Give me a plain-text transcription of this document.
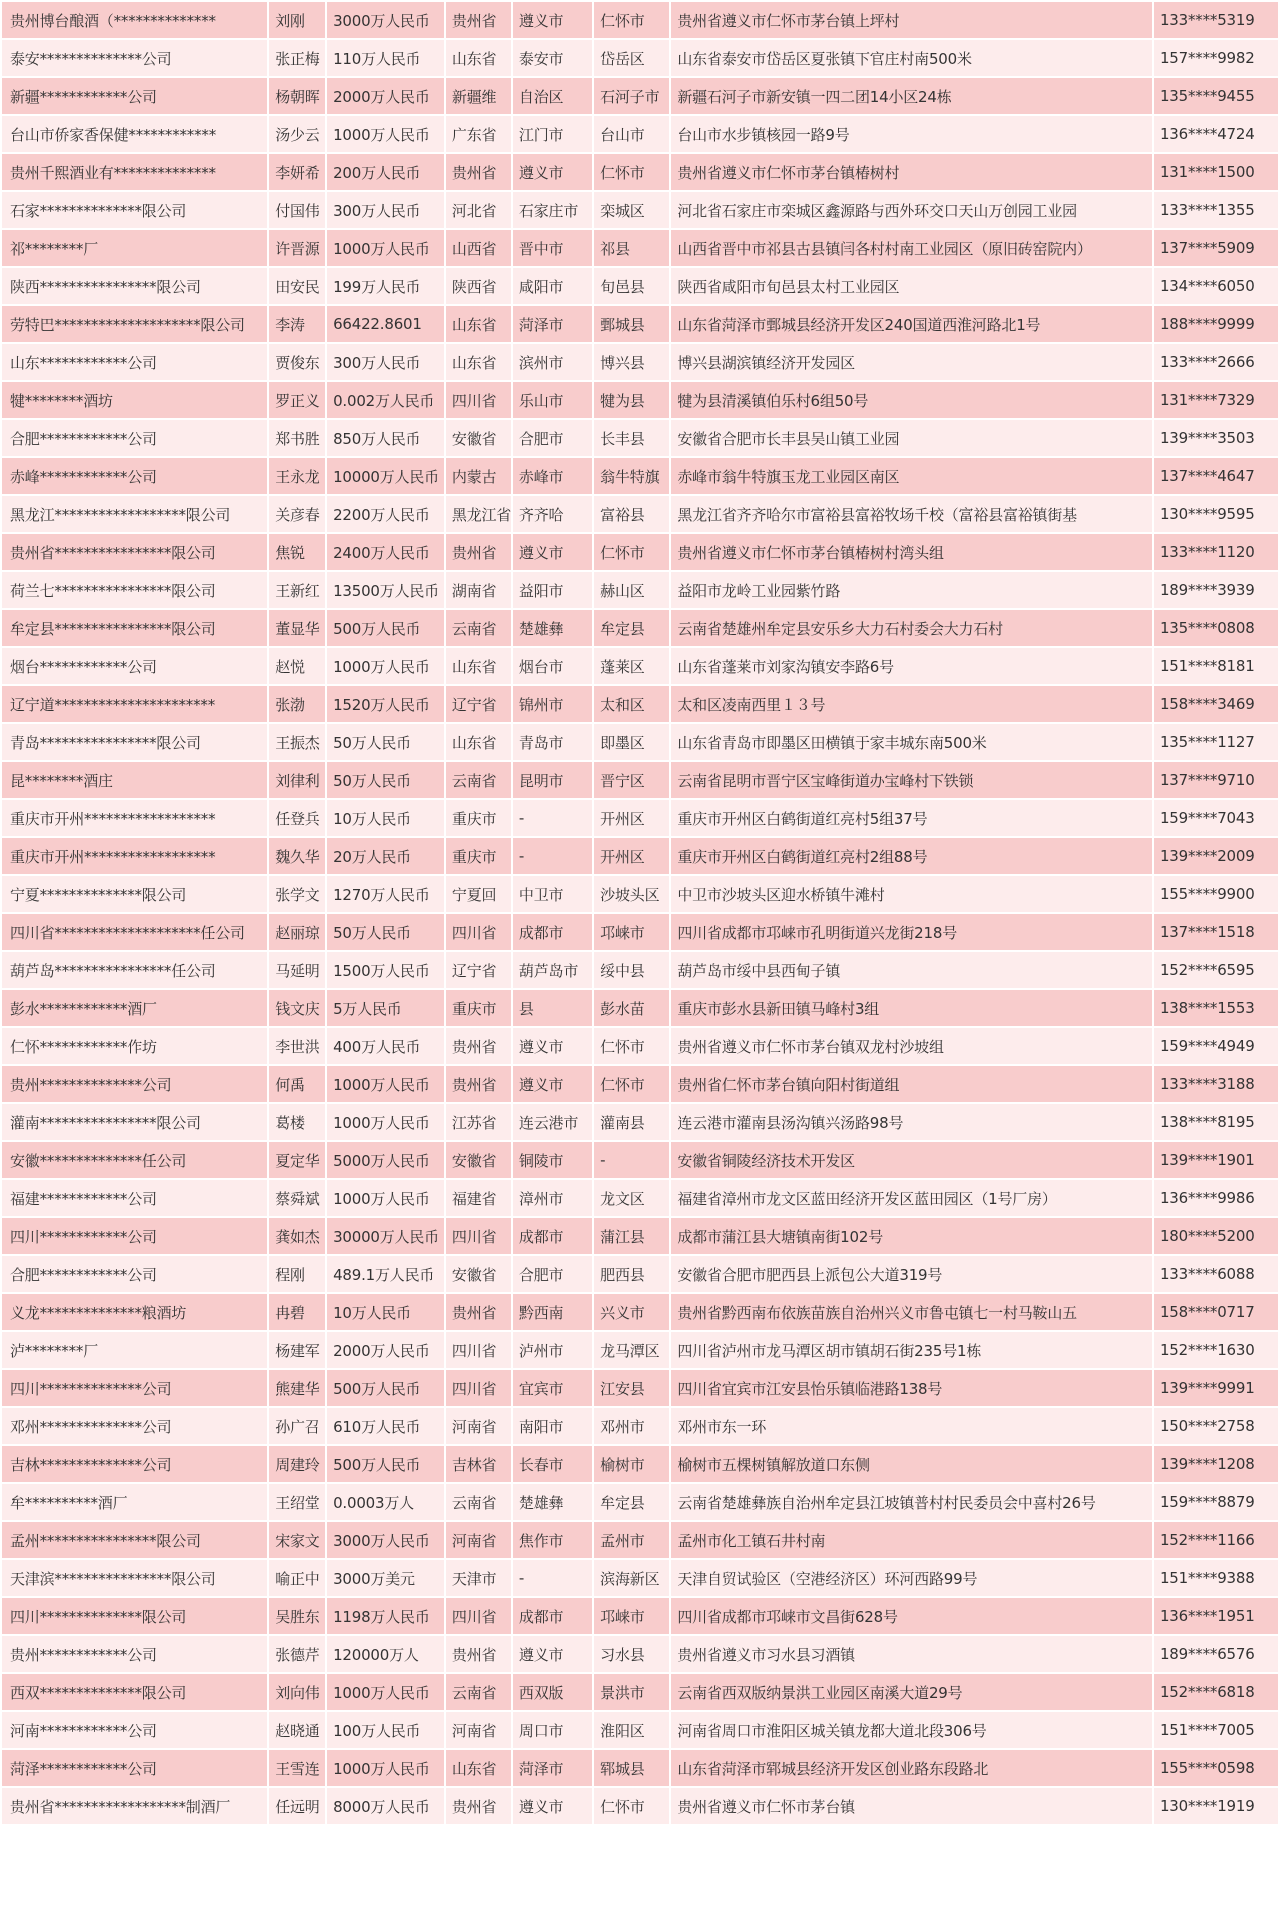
贵州博台酿酒（**************	刘刚	3000万人民币	贵州省	遵义市	仁怀市	贵州省遵义市仁怀市茅台镇上坪村	133****5319
泰安**************公司	张正梅	110万人民币	山东省	泰安市	岱岳区	山东省泰安市岱岳区夏张镇下官庄村南500米	157****9982
新疆************公司	杨朝晖	2000万人民币	新疆维	自治区	石河子市	新疆石河子市新安镇一四二团14小区24栋	135****9455
台山市侨家香保健************	汤少云	1000万人民币	广东省	江门市	台山市	台山市水步镇核园一路9号	136****4724
贵州千熙酒业有**************	李妍希	200万人民币	贵州省	遵义市	仁怀市	贵州省遵义市仁怀市茅台镇椿树村	131****1500
石家**************限公司	付国伟	300万人民币	河北省	石家庄市	栾城区	河北省石家庄市栾城区鑫源路与西外环交口天山万创园工业园	133****1355
祁********厂	许晋源	1000万人民币	山西省	晋中市	祁县	山西省晋中市祁县古县镇闫各村村南工业园区（原旧砖窑院内）	137****5909
陕西****************限公司	田安民	199万人民币	陕西省	咸阳市	旬邑县	陕西省咸阳市旬邑县太村工业园区	134****6050
劳特巴********************限公司	李涛	66422.8601	山东省	菏泽市	鄄城县	山东省菏泽市鄄城县经济开发区240国道西淮河路北1号	188****9999
山东************公司	贾俊东	300万人民币	山东省	滨州市	博兴县	博兴县湖滨镇经济开发园区	133****2666
犍********酒坊	罗正义	0.002万人民币	四川省	乐山市	犍为县	犍为县清溪镇伯乐村6组50号	131****7329
合肥************公司	郑书胜	850万人民币	安徽省	合肥市	长丰县	安徽省合肥市长丰县吴山镇工业园	139****3503
赤峰************公司	王永龙	10000万人民币	内蒙古	赤峰市	翁牛特旗	赤峰市翁牛特旗玉龙工业园区南区	137****4647
黑龙江******************限公司	关彦春	2200万人民币	黑龙江省	齐齐哈	富裕县	黑龙江省齐齐哈尔市富裕县富裕牧场千校（富裕县富裕镇街基	130****9595
贵州省****************限公司	焦锐	2400万人民币	贵州省	遵义市	仁怀市	贵州省遵义市仁怀市茅台镇椿树村湾头组	133****1120
荷兰七****************限公司	王新红	13500万人民币	湖南省	益阳市	赫山区	益阳市龙岭工业园紫竹路	189****3939
牟定县****************限公司	董显华	500万人民币	云南省	楚雄彝	牟定县	云南省楚雄州牟定县安乐乡大力石村委会大力石村	135****0808
烟台************公司	赵悦	1000万人民币	山东省	烟台市	蓬莱区	山东省蓬莱市刘家沟镇安李路6号	151****8181
辽宁道**********************	张渤	1520万人民币	辽宁省	锦州市	太和区	太和区凌南西里１３号	158****3469
青岛****************限公司	王振杰	50万人民币	山东省	青岛市	即墨区	山东省青岛市即墨区田横镇于家丰城东南500米	135****1127
昆********酒庄	刘律利	50万人民币	云南省	昆明市	晋宁区	云南省昆明市晋宁区宝峰街道办宝峰村下铁锁	137****9710
重庆市开州******************	任登兵	10万人民币	重庆市	-	开州区	重庆市开州区白鹤街道红亮村5组37号	159****7043
重庆市开州******************	魏久华	20万人民币	重庆市	-	开州区	重庆市开州区白鹤街道红亮村2组88号	139****2009
宁夏**************限公司	张学文	1270万人民币	宁夏回	中卫市	沙坡头区	中卫市沙坡头区迎水桥镇牛滩村	155****9900
四川省********************任公司	赵丽琼	50万人民币	四川省	成都市	邛崃市	四川省成都市邛崃市孔明街道兴龙街218号	137****1518
葫芦岛****************任公司	马延明	1500万人民币	辽宁省	葫芦岛市	绥中县	葫芦岛市绥中县西甸子镇	152****6595
彭水************酒厂	钱文庆	5万人民币	重庆市	县	彭水苗	重庆市彭水县新田镇马峰村3组	138****1553
仁怀************作坊	李世洪	400万人民币	贵州省	遵义市	仁怀市	贵州省遵义市仁怀市茅台镇双龙村沙坡组	159****4949
贵州**************公司	何禹	1000万人民币	贵州省	遵义市	仁怀市	贵州省仁怀市茅台镇向阳村街道组	133****3188
灌南****************限公司	葛楼	1000万人民币	江苏省	连云港市	灌南县	连云港市灌南县汤沟镇兴汤路98号	138****8195
安徽**************任公司	夏定华	5000万人民币	安徽省	铜陵市	-	安徽省铜陵经济技术开发区	139****1901
福建************公司	蔡舜斌	1000万人民币	福建省	漳州市	龙文区	福建省漳州市龙文区蓝田经济开发区蓝田园区（1号厂房）	136****9986
四川************公司	龚如杰	30000万人民币	四川省	成都市	蒲江县	成都市蒲江县大塘镇南街102号	180****5200
合肥************公司	程刚	489.1万人民币	安徽省	合肥市	肥西县	安徽省合肥市肥西县上派包公大道319号	133****6088
义龙**************粮酒坊	冉碧	10万人民币	贵州省	黔西南	兴义市	贵州省黔西南布依族苗族自治州兴义市鲁屯镇七一村马鞍山五	158****0717
泸********厂	杨建军	2000万人民币	四川省	泸州市	龙马潭区	四川省泸州市龙马潭区胡市镇胡石街235号1栋	152****1630
四川**************公司	熊建华	500万人民币	四川省	宜宾市	江安县	四川省宜宾市江安县怡乐镇临港路138号	139****9991
邓州**************公司	孙广召	610万人民币	河南省	南阳市	邓州市	邓州市东一环	150****2758
吉林**************公司	周建玲	500万人民币	吉林省	长春市	榆树市	榆树市五棵树镇解放道口东侧	139****1208
牟**********酒厂	王绍堂	0.0003万人	云南省	楚雄彝	牟定县	云南省楚雄彝族自治州牟定县江坡镇普村村民委员会中喜村26号	159****8879
孟州****************限公司	宋家文	3000万人民币	河南省	焦作市	孟州市	孟州市化工镇石井村南	152****1166
天津滨****************限公司	喻正中	3000万美元	天津市	-	滨海新区	天津自贸试验区（空港经济区）环河西路99号	151****9388
四川**************限公司	吴胜东	1198万人民币	四川省	成都市	邛崃市	四川省成都市邛崃市文昌街628号	136****1951
贵州************公司	张德芹	120000万人	贵州省	遵义市	习水县	贵州省遵义市习水县习酒镇	189****6576
西双**************限公司	刘向伟	1000万人民币	云南省	西双版	景洪市	云南省西双版纳景洪工业园区南溪大道29号	152****6818
河南************公司	赵晓通	100万人民币	河南省	周口市	淮阳区	河南省周口市淮阳区城关镇龙都大道北段306号	151****7005
菏泽************公司	王雪连	1000万人民币	山东省	菏泽市	郓城县	山东省菏泽市郓城县经济开发区创业路东段路北	155****0598
贵州省******************制酒厂	任远明	8000万人民币	贵州省	遵义市	仁怀市	贵州省遵义市仁怀市茅台镇	130****1919
